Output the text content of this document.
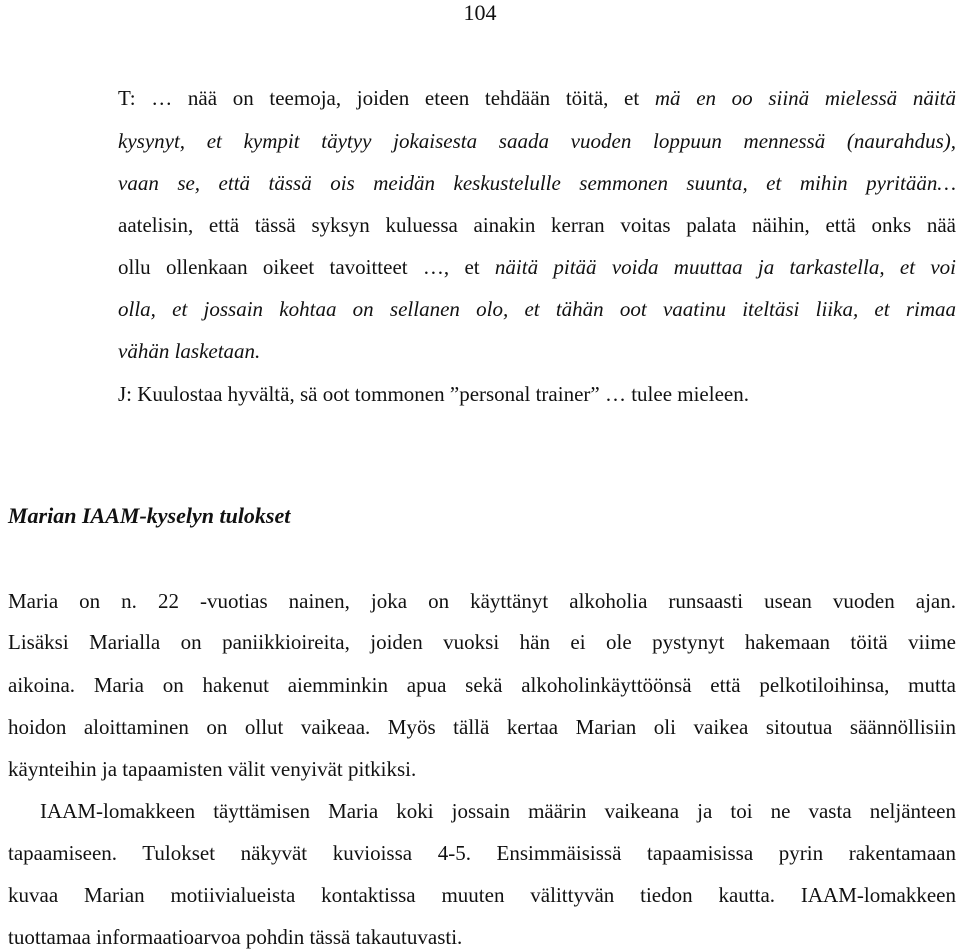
104
T: … nää on teemoja, joiden eteen tehdään töitä, et mä en oo siinä mielessä näitä
kysynyt, et kympit täytyy jokaisesta saada vuoden loppuun mennessä (naurahdus),
vaan se, että tässä ois meidän keskustelulle semmonen suunta, et mihin pyritään…
aatelisin, että tässä syksyn kuluessa ainakin kerran voitas palata näihin, että onks nää
ollu ollenkaan oikeet tavoitteet …, et näitä pitää voida muuttaa ja tarkastella, et voi
olla, et jossain kohtaa on sellanen olo, et tähän oot vaatinu iteltäsi liika, et rimaa
vähän lasketaan.
J: Kuulostaa hyvältä, sä oot tommonen ”personal trainer” … tulee mieleen.
Marian IAAM-kyselyn tulokset
Maria on n. 22 -vuotias nainen, joka on käyttänyt alkoholia runsaasti usean vuoden ajan.
Lisäksi Marialla on paniikkioireita, joiden vuoksi hän ei ole pystynyt hakemaan töitä viime
aikoina. Maria on hakenut aiemminkin apua sekä alkoholinkäyttöönsä että pelkotiloihinsa, mutta
hoidon aloittaminen on ollut vaikeaa. Myös tällä kertaa Marian oli vaikea sitoutua säännöllisiin
käynteihin ja tapaamisten välit venyivät pitkiksi.
IAAM-lomakkeen täyttämisen Maria koki jossain määrin vaikeana ja toi ne vasta neljänteen
tapaamiseen. Tulokset näkyvät kuvioissa 4-5. Ensimmäisissä tapaamisissa pyrin rakentamaan
kuvaa Marian motiivialueista kontaktissa muuten välittyvän tiedon kautta. IAAM-lomakkeen
tuottamaa informaatioarvoa pohdin tässä takautuvasti.
